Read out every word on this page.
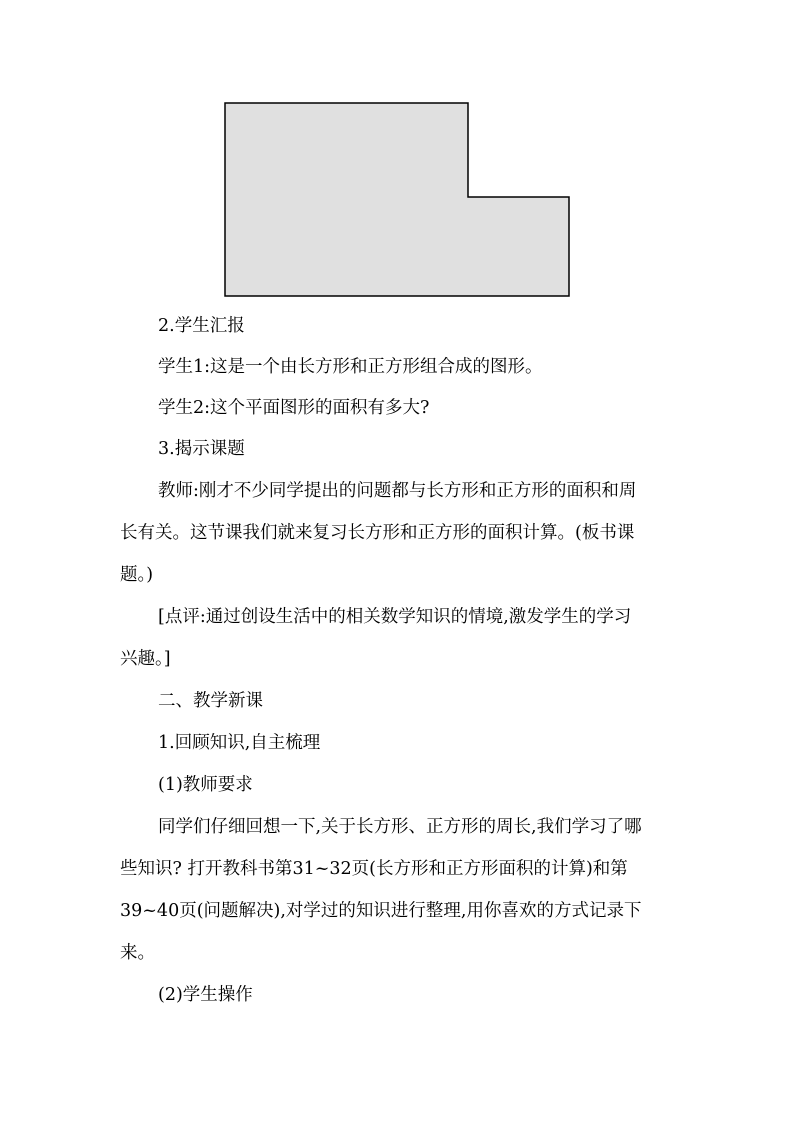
2.学生汇报
学生1:这是一个由长方形和正方形组合成的图形。
学生2:这个平面图形的面积有多大?
3.揭示课题
教师:刚才不少同学提出的问题都与长方形和正方形的面积和周
长有关。这节课我们就来复习长方形和正方形的面积计算。(板书课
题。)
[点评:通过创设生活中的相关数学知识的情境,激发学生的学习
兴趣。]
二、教学新课
1.回顾知识,自主梳理
(1)教师要求
同学们仔细回想一下,关于长方形、正方形的周长,我们学习了哪
些知识? 打开教科书第31~32页(长方形和正方形面积的计算)和第
39~40页(问题解决),对学过的知识进行整理,用你喜欢的方式记录下
来。
(2)学生操作
